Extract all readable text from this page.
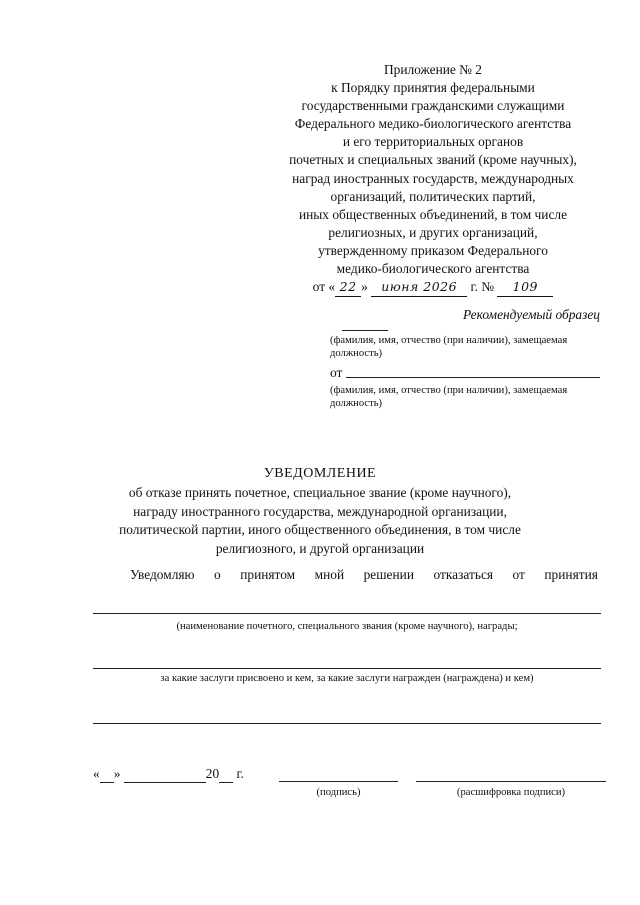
Приложение № 2
к Порядку принятия федеральными
государственными гражданскими служащими
Федерального медико-биологического агентства
и его территориальных органов
почетных и специальных званий (кроме научных),
наград иностранных государств, международных
организаций, политических партий,
иных общественных объединений, в том числе
религиозных, и других организаций,
утвержденному приказом Федерального
медико-биологического агентства
от « 22 » июня 2026 г. № 109
Рекомендуемый образец
(фамилия, имя, отчество (при наличии), замещаемая должность)
от
(фамилия, имя, отчество (при наличии), замещаемая должность)
УВЕДОМЛЕНИЕ
об отказе принять почетное, специальное звание (кроме научного),
награду иностранного государства, международной организации,
политической партии, иного общественного объединения, в том числе
религиозного, и другой организации
Уведомляю о принятом мной решении отказаться от принятия
(наименование почетного, специального звания (кроме научного), награды;
за какие заслуги присвоено и кем, за какие заслуги награжден (награждена) и кем)
« »	20 г.
(подпись)	(расшифровка подписи)
